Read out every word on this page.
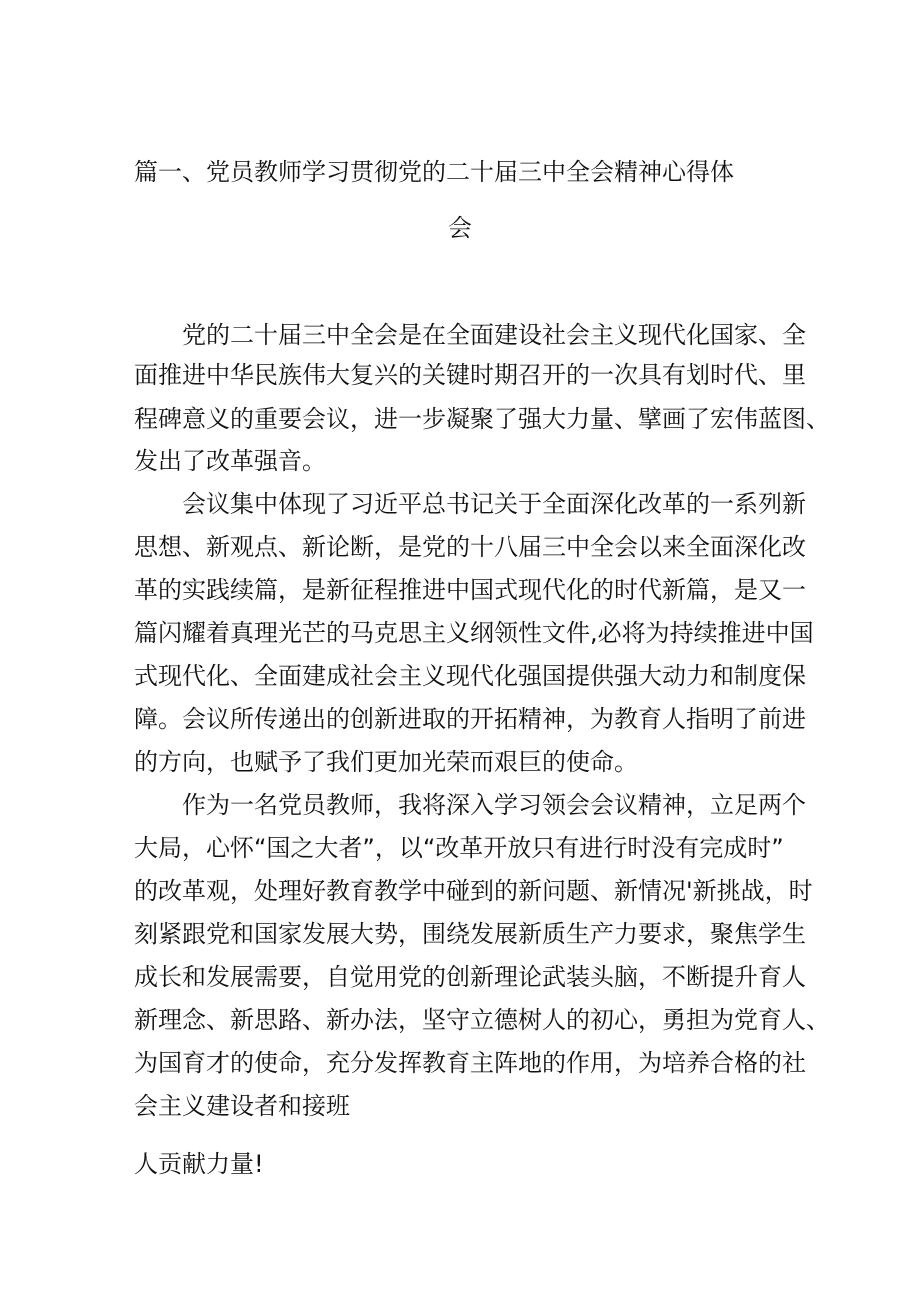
篇一、党员教师学习贯彻党的二十届三中全会精神心得体
会
　　党的二十届三中全会是在全面建设社会主义现代化国家、全
面推进中华民族伟大复兴的关键时期召开的一次具有划时代、里
程碑意义的重要会议，进一步凝聚了强大力量、擘画了宏伟蓝图、
发出了改革强音。
　　会议集中体现了习近平总书记关于全面深化改革的一系列新
思想、新观点、新论断，是党的十八届三中全会以来全面深化改
革的实践续篇，是新征程推进中国式现代化的时代新篇，是又一
篇闪耀着真理光芒的马克思主义纲领性文件,必将为持续推进中国
式现代化、全面建成社会主义现代化强国提供强大动力和制度保
障。会议所传递出的创新进取的开拓精神，为教育人指明了前进
的方向，也赋予了我们更加光荣而艰巨的使命。
　　作为一名党员教师，我将深入学习领会会议精神，立足两个
大局，心怀“国之大者”，以“改革开放只有进行时没有完成时”
的改革观，处理好教育教学中碰到的新问题、新情况'新挑战，时
刻紧跟党和国家发展大势，围绕发展新质生产力要求，聚焦学生
成长和发展需要，自觉用党的创新理论武装头脑，不断提升育人
新理念、新思路、新办法，坚守立德树人的初心，勇担为党育人、
为国育才的使命，充分发挥教育主阵地的作用，为培养合格的社
会主义建设者和接班
人贡献力量!
